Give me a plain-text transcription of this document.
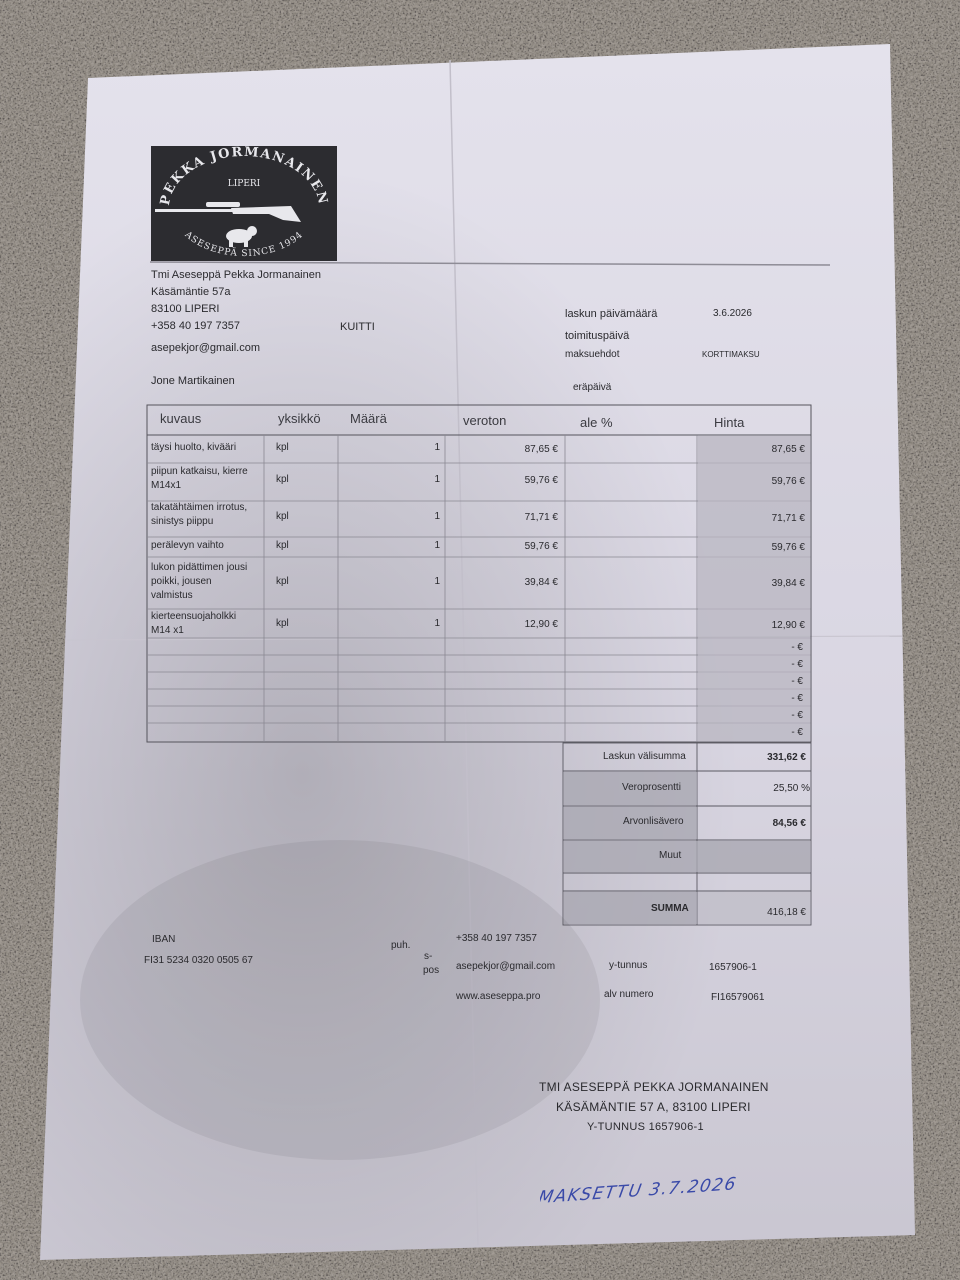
PEKKA JORMANAINEN
LIPERI
ASESEPPÄ SINCE 1994
Tmi Aseseppä Pekka Jormanainen
Käsämäntie 57a
83100 LIPERI
+358 40 197 7357
asepekjor@gmail.com
Jone Martikainen
KUITTI
laskun päivämäärä	3.6.2026
toimituspäivä
maksuehdot	KORTTIMAKSU
eräpäivä
kuvaus	yksikkö Määrä	veroton	ale %	Hinta
täysi huolto, kivääri	kpl	1	87,65 €	87,65 €
piipun katkaisu, kierre
M14x1
kpl	1	59,76 €	59,76 €
takatähtäimen irrotus,
sinistys piippu	kpl	1	71,71 €	71,71 €
perälevyn vaihto	kpl	1	59,76 €	59,76 €
lukon pidättimen jousi
poikki, jousen
valmistus
kpl	1	39,84 €	39,84 €
kierteensuojaholkki
M14 x1
kpl	1	12,90 €	12,90 €
- €
- €
- €
- €
- €
- €
Laskun välisumma	331,62 €
Veroprosentti	25,50 %
Arvonlisävero	84,56 €
Muut
SUMMA	416,18 €
IBAN
FI31 5234 0320 0505 67
puh.
s-
pos
+358 40 197 7357
asepekjor@gmail.com
www.aseseppa.pro
y-tunnus	1657906-1
alv numero	FI16579061
TMI ASESEPPÄ PEKKA JORMANAINEN
KÄSÄMÄNTIE 57 A, 83100 LIPERI
Y-TUNNUS 1657906-1
MAKSETTU 3.7.2026
